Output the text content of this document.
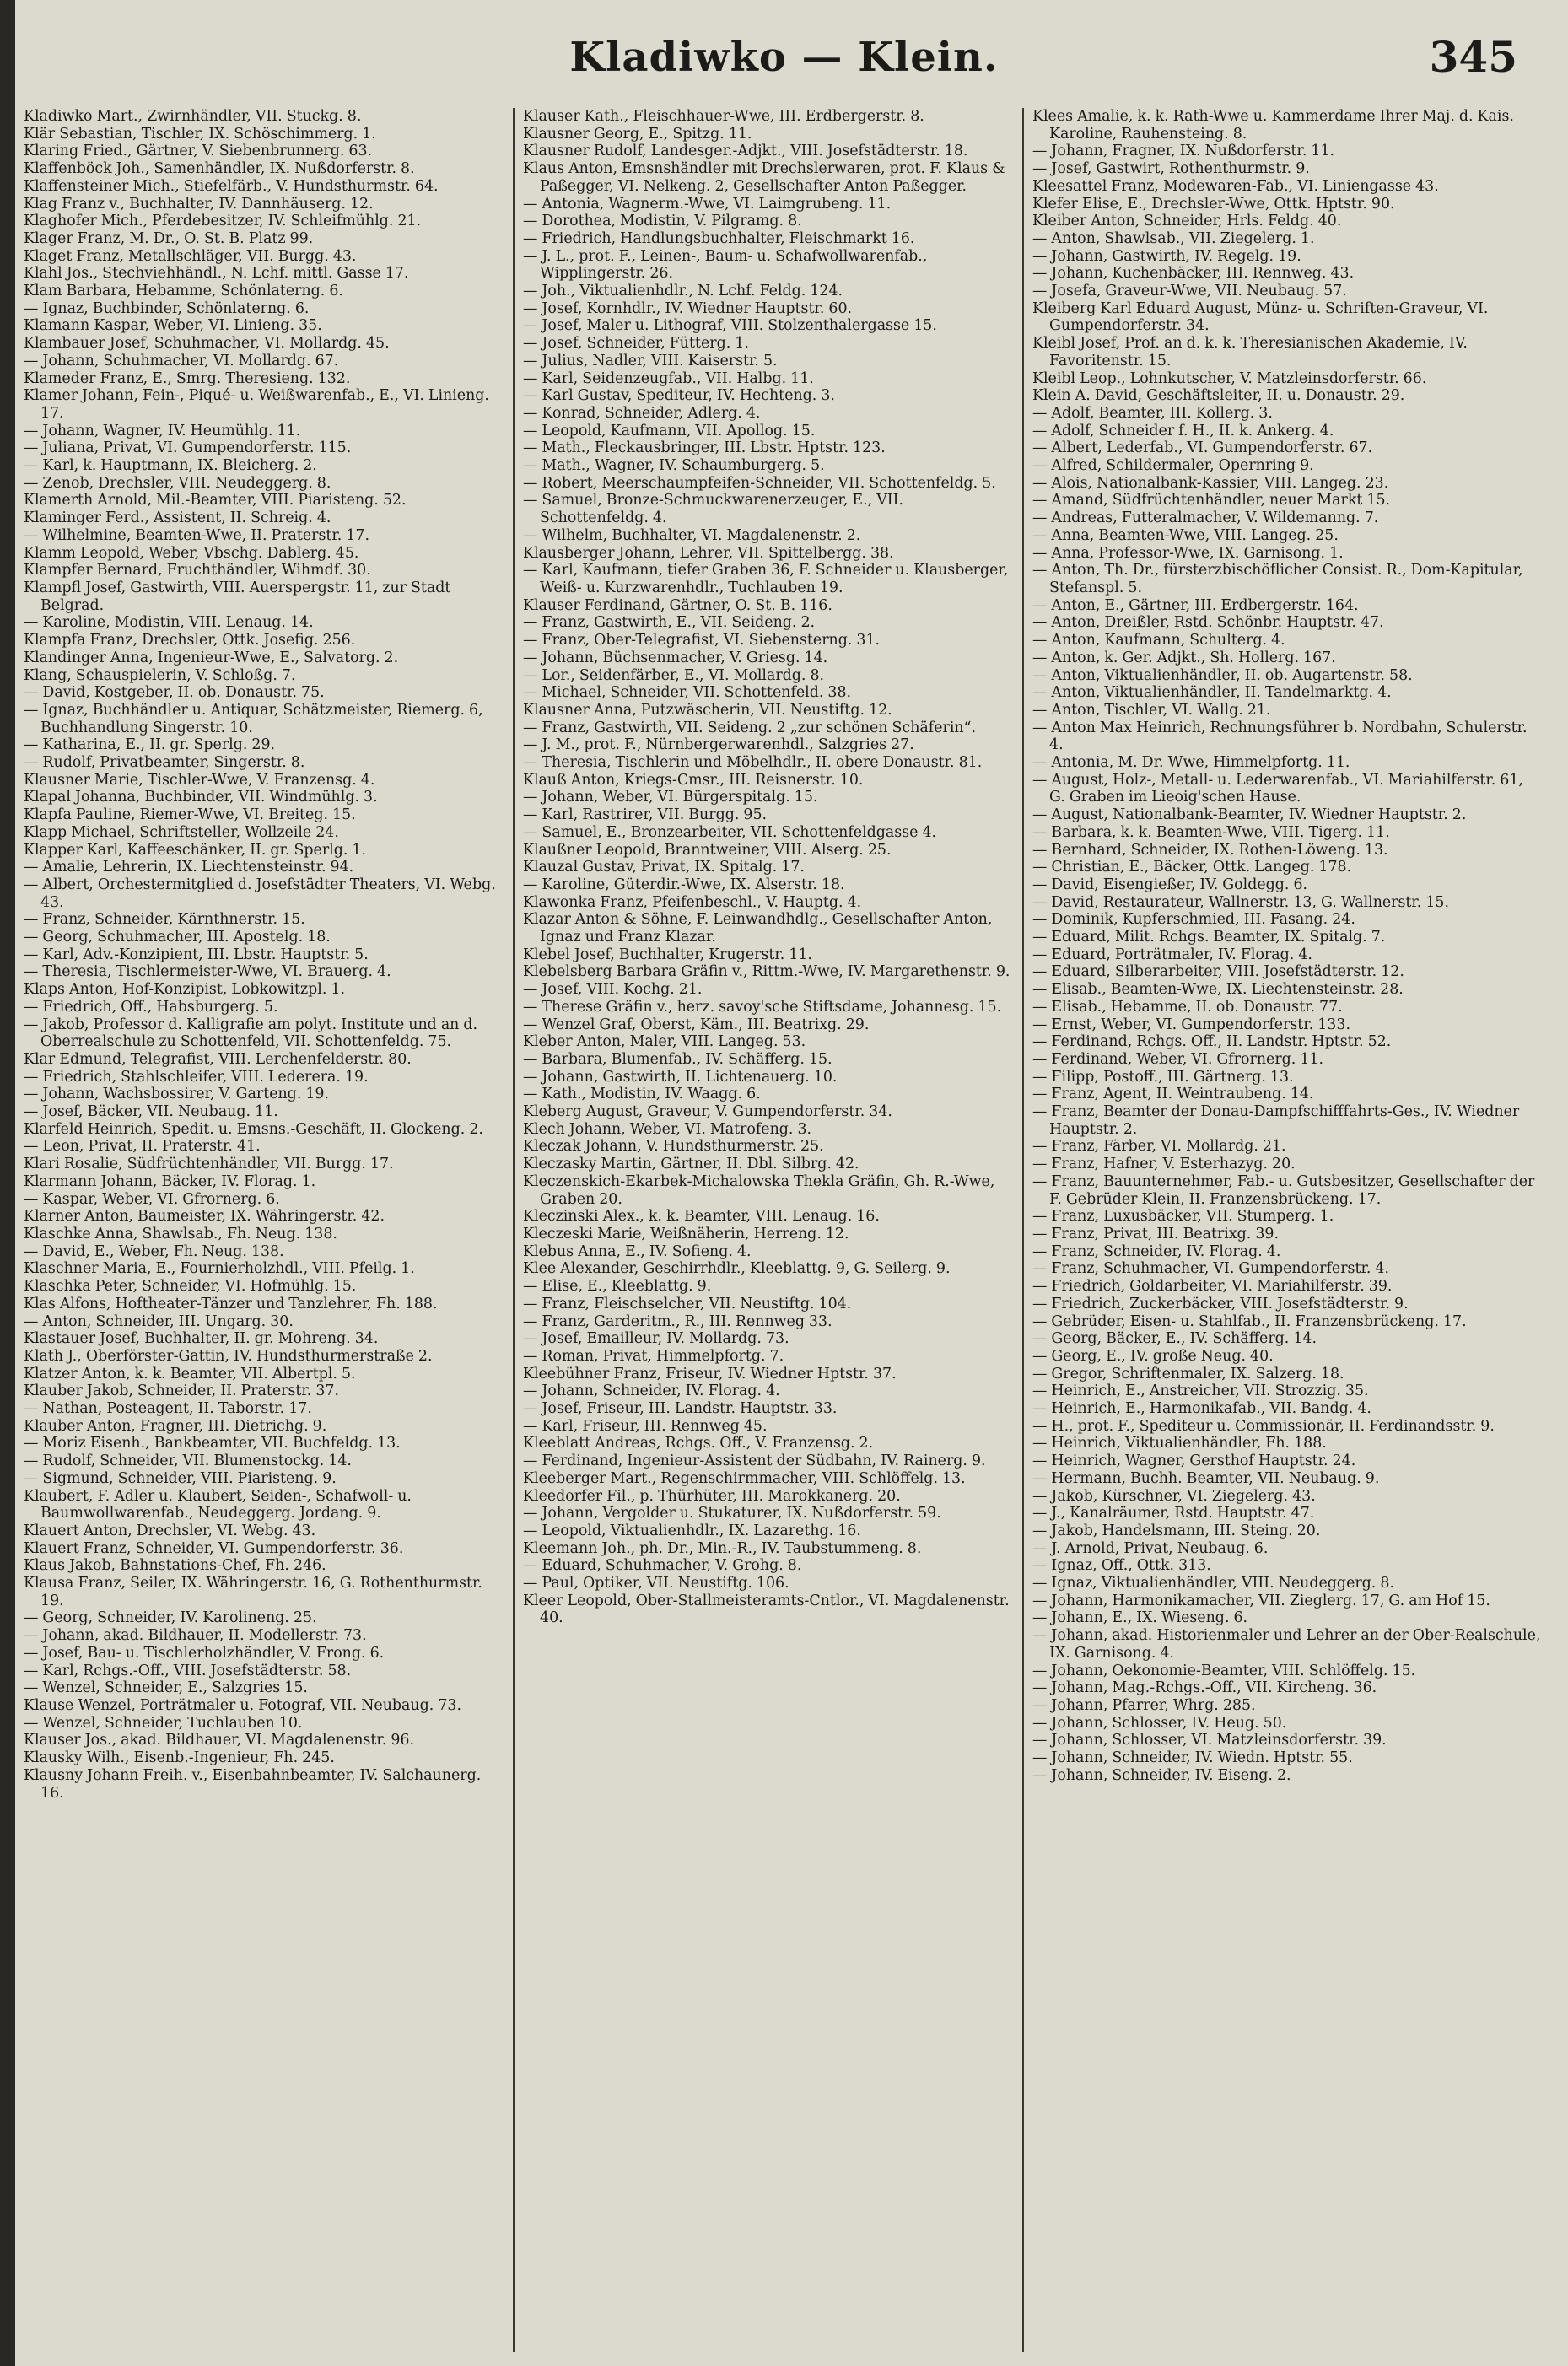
Kladiwko — Klein.	345
Kladiwko Mart., Zwirnhändler, VII. Stuckg. 8.
Klär Sebastian, Tischler, IX. Schöschimmerg. 1.
Klaring Fried., Gärtner, V. Siebenbrunnerg. 63.
Klaffenböck Joh., Samenhändler, IX. Nußdorferstr. 8.
Klaffensteiner Mich., Stiefelfärb., V. Hundsthurmstr. 64.
Klag Franz v., Buchhalter, IV. Dannhäuserg. 12.
Klaghofer Mich., Pferdebesitzer, IV. Schleifmühlg. 21.
Klager Franz, M. Dr., O. St. B. Platz 99.
Klaget Franz, Metallschläger, VII. Burgg. 43.
Klahl Jos., Stechviehhändl., N. Lchf. mittl. Gasse 17.
Klam Barbara, Hebamme, Schönlaterng. 6.
— Ignaz, Buchbinder, Schönlaterng. 6.
Klamann Kaspar, Weber, VI. Linieng. 35.
Klambauer Josef, Schuhmacher, VI. Mollardg. 45.
— Johann, Schuhmacher, VI. Mollardg. 67.
Klameder Franz, E., Smrg. Theresieng. 132.
Klamer Johann, Fein-, Piqué- u. Weißwarenfab., E., VI. Linieng. 17.
— Johann, Wagner, IV. Heumühlg. 11.
— Juliana, Privat, VI. Gumpendorferstr. 115.
— Karl, k. Hauptmann, IX. Bleicherg. 2.
— Zenob, Drechsler, VIII. Neudeggerg. 8.
Klamerth Arnold, Mil.-Beamter, VIII. Piaristeng. 52.
Klaminger Ferd., Assistent, II. Schreig. 4.
— Wilhelmine, Beamten-Wwe, II. Praterstr. 17.
Klamm Leopold, Weber, Vbschg. Dablerg. 45.
Klampfer Bernard, Fruchthändler, Wihmdf. 30.
Klampfl Josef, Gastwirth, VIII. Auerspergstr. 11, zur Stadt Belgrad.
— Karoline, Modistin, VIII. Lenaug. 14.
Klampfa Franz, Drechsler, Ottk. Josefig. 256.
Klandinger Anna, Ingenieur-Wwe, E., Salvatorg. 2.
Klang, Schauspielerin, V. Schloßg. 7.
— David, Kostgeber, II. ob. Donaustr. 75.
— Ignaz, Buchhändler u. Antiquar, Schätzmeister, Riemerg. 6, Buchhandlung Singerstr. 10.
— Katharina, E., II. gr. Sperlg. 29.
— Rudolf, Privatbeamter, Singerstr. 8.
Klausner Marie, Tischler-Wwe, V. Franzensg. 4.
Klapal Johanna, Buchbinder, VII. Windmühlg. 3.
Klapfa Pauline, Riemer-Wwe, VI. Breiteg. 15.
Klapp Michael, Schriftsteller, Wollzeile 24.
Klapper Karl, Kaffeeschänker, II. gr. Sperlg. 1.
— Amalie, Lehrerin, IX. Liechtensteinstr. 94.
— Albert, Orchestermitglied d. Josefstädter Theaters, VI. Webg. 43.
— Franz, Schneider, Kärnthnerstr. 15.
— Georg, Schuhmacher, III. Apostelg. 18.
— Karl, Adv.-Konzipient, III. Lbstr. Hauptstr. 5.
— Theresia, Tischlermeister-Wwe, VI. Brauerg. 4.
Klaps Anton, Hof-Konzipist, Lobkowitzpl. 1.
— Friedrich, Off., Habsburgerg. 5.
— Jakob, Professor d. Kalligrafie am polyt. Institute und an d. Oberrealschule zu Schottenfeld, VII. Schottenfeldg. 75.
Klar Edmund, Telegrafist, VIII. Lerchenfelderstr. 80.
— Friedrich, Stahlschleifer, VIII. Lederera. 19.
— Johann, Wachsbossirer, V. Garteng. 19.
— Josef, Bäcker, VII. Neubaug. 11.
Klarfeld Heinrich, Spedit. u. Emsns.-Geschäft, II. Glockeng. 2.
— Leon, Privat, II. Praterstr. 41.
Klari Rosalie, Südfrüchtenhändler, VII. Burgg. 17.
Klarmann Johann, Bäcker, IV. Florag. 1.
— Kaspar, Weber, VI. Gfrornerg. 6.
Klarner Anton, Baumeister, IX. Währingerstr. 42.
Klaschke Anna, Shawlsab., Fh. Neug. 138.
— David, E., Weber, Fh. Neug. 138.
Klaschner Maria, E., Fournierholzhdl., VIII. Pfeilg. 1.
Klaschka Peter, Schneider, VI. Hofmühlg. 15.
Klas Alfons, Hoftheater-Tänzer und Tanzlehrer, Fh. 188.
— Anton, Schneider, III. Ungarg. 30.
Klastauer Josef, Buchhalter, II. gr. Mohreng. 34.
Klath J., Oberförster-Gattin, IV. Hundsthurmerstraße 2.
Klatzer Anton, k. k. Beamter, VII. Albertpl. 5.
Klauber Jakob, Schneider, II. Praterstr. 37.
— Nathan, Posteagent, II. Taborstr. 17.
Klauber Anton, Fragner, III. Dietrichg. 9.
— Moriz Eisenh., Bankbeamter, VII. Buchfeldg. 13.
— Rudolf, Schneider, VII. Blumenstockg. 14.
— Sigmund, Schneider, VIII. Piaristeng. 9.
Klaubert, F. Adler u. Klaubert, Seiden-, Schafwoll- u. Baumwollwarenfab., Neudeggerg. Jordang. 9.
Klauert Anton, Drechsler, VI. Webg. 43.
Klauert Franz, Schneider, VI. Gumpendorferstr. 36.
Klaus Jakob, Bahnstations-Chef, Fh. 246.
Klausa Franz, Seiler, IX. Währingerstr. 16, G. Rothenthurmstr. 19.
— Georg, Schneider, IV. Karolineng. 25.
— Johann, akad. Bildhauer, II. Modellerstr. 73.
— Josef, Bau- u. Tischlerholzhändler, V. Frong. 6.
— Karl, Rchgs.-Off., VIII. Josefstädterstr. 58.
— Wenzel, Schneider, E., Salzgries 15.
Klause Wenzel, Porträtmaler u. Fotograf, VII. Neubaug. 73.
— Wenzel, Schneider, Tuchlauben 10.
Klauser Jos., akad. Bildhauer, VI. Magdalenenstr. 96.
Klausky Wilh., Eisenb.-Ingenieur, Fh. 245.
Klausny Johann Freih. v., Eisenbahnbeamter, IV. Salchaunerg. 16.
Klauser Kath., Fleischhauer-Wwe, III. Erdbergerstr. 8.
Klausner Georg, E., Spitzg. 11.
Klausner Rudolf, Landesger.-Adjkt., VIII. Josefstädterstr. 18.
Klaus Anton, Emsnshändler mit Drechslerwaren, prot. F. Klaus & Paßegger, VI. Nelkeng. 2, Gesellschafter Anton Paßegger.
— Antonia, Wagnerm.-Wwe, VI. Laimgrubeng. 11.
— Dorothea, Modistin, V. Pilgramg. 8.
— Friedrich, Handlungsbuchhalter, Fleischmarkt 16.
— J. L., prot. F., Leinen-, Baum- u. Schafwollwarenfab., Wipplingerstr. 26.
— Joh., Viktualienhdlr., N. Lchf. Feldg. 124.
— Josef, Kornhdlr., IV. Wiedner Hauptstr. 60.
— Josef, Maler u. Lithograf, VIII. Stolzenthalergasse 15.
— Josef, Schneider, Fütterg. 1.
— Julius, Nadler, VIII. Kaiserstr. 5.
— Karl, Seidenzeugfab., VII. Halbg. 11.
— Karl Gustav, Spediteur, IV. Hechteng. 3.
— Konrad, Schneider, Adlerg. 4.
— Leopold, Kaufmann, VII. Apollog. 15.
— Math., Fleckausbringer, III. Lbstr. Hptstr. 123.
— Math., Wagner, IV. Schaumburgerg. 5.
— Robert, Meerschaumpfeifen-Schneider, VII. Schottenfeldg. 5.
— Samuel, Bronze-Schmuckwarenerzeuger, E., VII. Schottenfeldg. 4.
— Wilhelm, Buchhalter, VI. Magdalenenstr. 2.
Klausberger Johann, Lehrer, VII. Spittelbergg. 38.
— Karl, Kaufmann, tiefer Graben 36, F. Schneider u. Klausberger, Weiß- u. Kurzwarenhdlr., Tuchlauben 19.
Klauser Ferdinand, Gärtner, O. St. B. 116.
— Franz, Gastwirth, E., VII. Seideng. 2.
— Franz, Ober-Telegrafist, VI. Siebensterng. 31.
— Johann, Büchsenmacher, V. Griesg. 14.
— Lor., Seidenfärber, E., VI. Mollardg. 8.
— Michael, Schneider, VII. Schottenfeld. 38.
Klausner Anna, Putzwäscherin, VII. Neustiftg. 12.
— Franz, Gastwirth, VII. Seideng. 2 „zur schönen Schäferin“.
— J. M., prot. F., Nürnbergerwarenhdl., Salzgries 27.
— Theresia, Tischlerin und Möbelhdlr., II. obere Donaustr. 81.
Klauß Anton, Kriegs-Cmsr., III. Reisnerstr. 10.
— Johann, Weber, VI. Bürgerspitalg. 15.
— Karl, Rastrirer, VII. Burgg. 95.
— Samuel, E., Bronzearbeiter, VII. Schottenfeldgasse 4.
Klaußner Leopold, Branntweiner, VIII. Alserg. 25.
Klauzal Gustav, Privat, IX. Spitalg. 17.
— Karoline, Güterdir.-Wwe, IX. Alserstr. 18.
Klawonka Franz, Pfeifenbeschl., V. Hauptg. 4.
Klazar Anton & Söhne, F. Leinwandhdlg., Gesellschafter Anton, Ignaz und Franz Klazar.
Klebel Josef, Buchhalter, Krugerstr. 11.
Klebelsberg Barbara Gräfin v., Rittm.-Wwe, IV. Margarethenstr. 9.
— Josef, VIII. Kochg. 21.
— Therese Gräfin v., herz. savoy'sche Stiftsdame, Johannesg. 15.
— Wenzel Graf, Oberst, Käm., III. Beatrixg. 29.
Kleber Anton, Maler, VIII. Langeg. 53.
— Barbara, Blumenfab., IV. Schäfferg. 15.
— Johann, Gastwirth, II. Lichtenauerg. 10.
— Kath., Modistin, IV. Waagg. 6.
Kleberg August, Graveur, V. Gumpendorferstr. 34.
Klech Johann, Weber, VI. Matrofeng. 3.
Kleczak Johann, V. Hundsthurmerstr. 25.
Kleczasky Martin, Gärtner, II. Dbl. Silbrg. 42.
Kleczenskich-Ekarbek-Michalowska Thekla Gräfin, Gh. R.-Wwe, Graben 20.
Kleczinski Alex., k. k. Beamter, VIII. Lenaug. 16.
Kleczeski Marie, Weißnäherin, Herreng. 12.
Klebus Anna, E., IV. Sofieng. 4.
Klee Alexander, Geschirrhdlr., Kleeblattg. 9, G. Seilerg. 9.
— Elise, E., Kleeblattg. 9.
— Franz, Fleischselcher, VII. Neustiftg. 104.
— Franz, Garderitm., R., III. Rennweg 33.
— Josef, Emailleur, IV. Mollardg. 73.
— Roman, Privat, Himmelpfortg. 7.
Kleebühner Franz, Friseur, IV. Wiedner Hptstr. 37.
— Johann, Schneider, IV. Florag. 4.
— Josef, Friseur, III. Landstr. Hauptstr. 33.
— Karl, Friseur, III. Rennweg 45.
Kleeblatt Andreas, Rchgs. Off., V. Franzensg. 2.
— Ferdinand, Ingenieur-Assistent der Südbahn, IV. Rainerg. 9.
Kleeberger Mart., Regenschirmmacher, VIII. Schlöffelg. 13.
Kleedorfer Fil., p. Thürhüter, III. Marokkanerg. 20.
— Johann, Vergolder u. Stukaturer, IX. Nußdorferstr. 59.
— Leopold, Viktualienhdlr., IX. Lazarethg. 16.
Kleemann Joh., ph. Dr., Min.-R., IV. Taubstummeng. 8.
— Eduard, Schuhmacher, V. Grohg. 8.
— Paul, Optiker, VII. Neustiftg. 106.
Kleer Leopold, Ober-Stallmeisteramts-Cntlor., VI. Magdalenenstr. 40.
Klees Amalie, k. k. Rath-Wwe u. Kammerdame Ihrer Maj. d. Kais. Karoline, Rauhensteing. 8.
— Johann, Fragner, IX. Nußdorferstr. 11.
— Josef, Gastwirt, Rothenthurmstr. 9.
Kleesattel Franz, Modewaren-Fab., VI. Liniengasse 43.
Klefer Elise, E., Drechsler-Wwe, Ottk. Hptstr. 90.
Kleiber Anton, Schneider, Hrls. Feldg. 40.
— Anton, Shawlsab., VII. Ziegelerg. 1.
— Johann, Gastwirth, IV. Regelg. 19.
— Johann, Kuchenbäcker, III. Rennweg. 43.
— Josefa, Graveur-Wwe, VII. Neubaug. 57.
Kleiberg Karl Eduard August, Münz- u. Schriften-Graveur, VI. Gumpendorferstr. 34.
Kleibl Josef, Prof. an d. k. k. Theresianischen Akademie, IV. Favoritenstr. 15.
Kleibl Leop., Lohnkutscher, V. Matzleinsdorferstr. 66.
Klein A. David, Geschäftsleiter, II. u. Donaustr. 29.
— Adolf, Beamter, III. Kollerg. 3.
— Adolf, Schneider f. H., II. k. Ankerg. 4.
— Albert, Lederfab., VI. Gumpendorferstr. 67.
— Alfred, Schildermaler, Opernring 9.
— Alois, Nationalbank-Kassier, VIII. Langeg. 23.
— Amand, Südfrüchtenhändler, neuer Markt 15.
— Andreas, Futteralmacher, V. Wildemanng. 7.
— Anna, Beamten-Wwe, VIII. Langeg. 25.
— Anna, Professor-Wwe, IX. Garnisong. 1.
— Anton, Th. Dr., fürsterzbischöflicher Consist. R., Dom-Kapitular, Stefanspl. 5.
— Anton, E., Gärtner, III. Erdbergerstr. 164.
— Anton, Dreißler, Rstd. Schönbr. Hauptstr. 47.
— Anton, Kaufmann, Schulterg. 4.
— Anton, k. Ger. Adjkt., Sh. Hollerg. 167.
— Anton, Viktualienhändler, II. ob. Augartenstr. 58.
— Anton, Viktualienhändler, II. Tandelmarktg. 4.
— Anton, Tischler, VI. Wallg. 21.
— Anton Max Heinrich, Rechnungsführer b. Nordbahn, Schulerstr. 4.
— Antonia, M. Dr. Wwe, Himmelpfortg. 11.
— August, Holz-, Metall- u. Lederwarenfab., VI. Mariahilferstr. 61, G. Graben im Lieoig'schen Hause.
— August, Nationalbank-Beamter, IV. Wiedner Hauptstr. 2.
— Barbara, k. k. Beamten-Wwe, VIII. Tigerg. 11.
— Bernhard, Schneider, IX. Rothen-Löweng. 13.
— Christian, E., Bäcker, Ottk. Langeg. 178.
— David, Eisengießer, IV. Goldegg. 6.
— David, Restaurateur, Wallnerstr. 13, G. Wallnerstr. 15.
— Dominik, Kupferschmied, III. Fasang. 24.
— Eduard, Milit. Rchgs. Beamter, IX. Spitalg. 7.
— Eduard, Porträtmaler, IV. Florag. 4.
— Eduard, Silberarbeiter, VIII. Josefstädterstr. 12.
— Elisab., Beamten-Wwe, IX. Liechtensteinstr. 28.
— Elisab., Hebamme, II. ob. Donaustr. 77.
— Ernst, Weber, VI. Gumpendorferstr. 133.
— Ferdinand, Rchgs. Off., II. Landstr. Hptstr. 52.
— Ferdinand, Weber, VI. Gfrornerg. 11.
— Filipp, Postoff., III. Gärtnerg. 13.
— Franz, Agent, II. Weintraubeng. 14.
— Franz, Beamter der Donau-Dampfschifffahrts-Ges., IV. Wiedner Hauptstr. 2.
— Franz, Färber, VI. Mollardg. 21.
— Franz, Hafner, V. Esterhazyg. 20.
— Franz, Bauunternehmer, Fab.- u. Gutsbesitzer, Gesellschafter der F. Gebrüder Klein, II. Franzensbrückeng. 17.
— Franz, Luxusbäcker, VII. Stumperg. 1.
— Franz, Privat, III. Beatrixg. 39.
— Franz, Schneider, IV. Florag. 4.
— Franz, Schuhmacher, VI. Gumpendorferstr. 4.
— Friedrich, Goldarbeiter, VI. Mariahilferstr. 39.
— Friedrich, Zuckerbäcker, VIII. Josefstädterstr. 9.
— Gebrüder, Eisen- u. Stahlfab., II. Franzensbrückeng. 17.
— Georg, Bäcker, E., IV. Schäfferg. 14.
— Georg, E., IV. große Neug. 40.
— Gregor, Schriftenmaler, IX. Salzerg. 18.
— Heinrich, E., Anstreicher, VII. Strozzig. 35.
— Heinrich, E., Harmonikafab., VII. Bandg. 4.
— H., prot. F., Spediteur u. Commissionär, II. Ferdinandsstr. 9.
— Heinrich, Viktualienhändler, Fh. 188.
— Heinrich, Wagner, Gersthof Hauptstr. 24.
— Hermann, Buchh. Beamter, VII. Neubaug. 9.
— Jakob, Kürschner, VI. Ziegelerg. 43.
— J., Kanalräumer, Rstd. Hauptstr. 47.
— Jakob, Handelsmann, III. Steing. 20.
— J. Arnold, Privat, Neubaug. 6.
— Ignaz, Off., Ottk. 313.
— Ignaz, Viktualienhändler, VIII. Neudeggerg. 8.
— Johann, Harmonikamacher, VII. Zieglerg. 17, G. am Hof 15.
— Johann, E., IX. Wieseng. 6.
— Johann, akad. Historienmaler und Lehrer an der Ober-Realschule, IX. Garnisong. 4.
— Johann, Oekonomie-Beamter, VIII. Schlöffelg. 15.
— Johann, Mag.-Rchgs.-Off., VII. Kircheng. 36.
— Johann, Pfarrer, Whrg. 285.
— Johann, Schlosser, IV. Heug. 50.
— Johann, Schlosser, VI. Matzleinsdorferstr. 39.
— Johann, Schneider, IV. Wiedn. Hptstr. 55.
— Johann, Schneider, IV. Eiseng. 2.
